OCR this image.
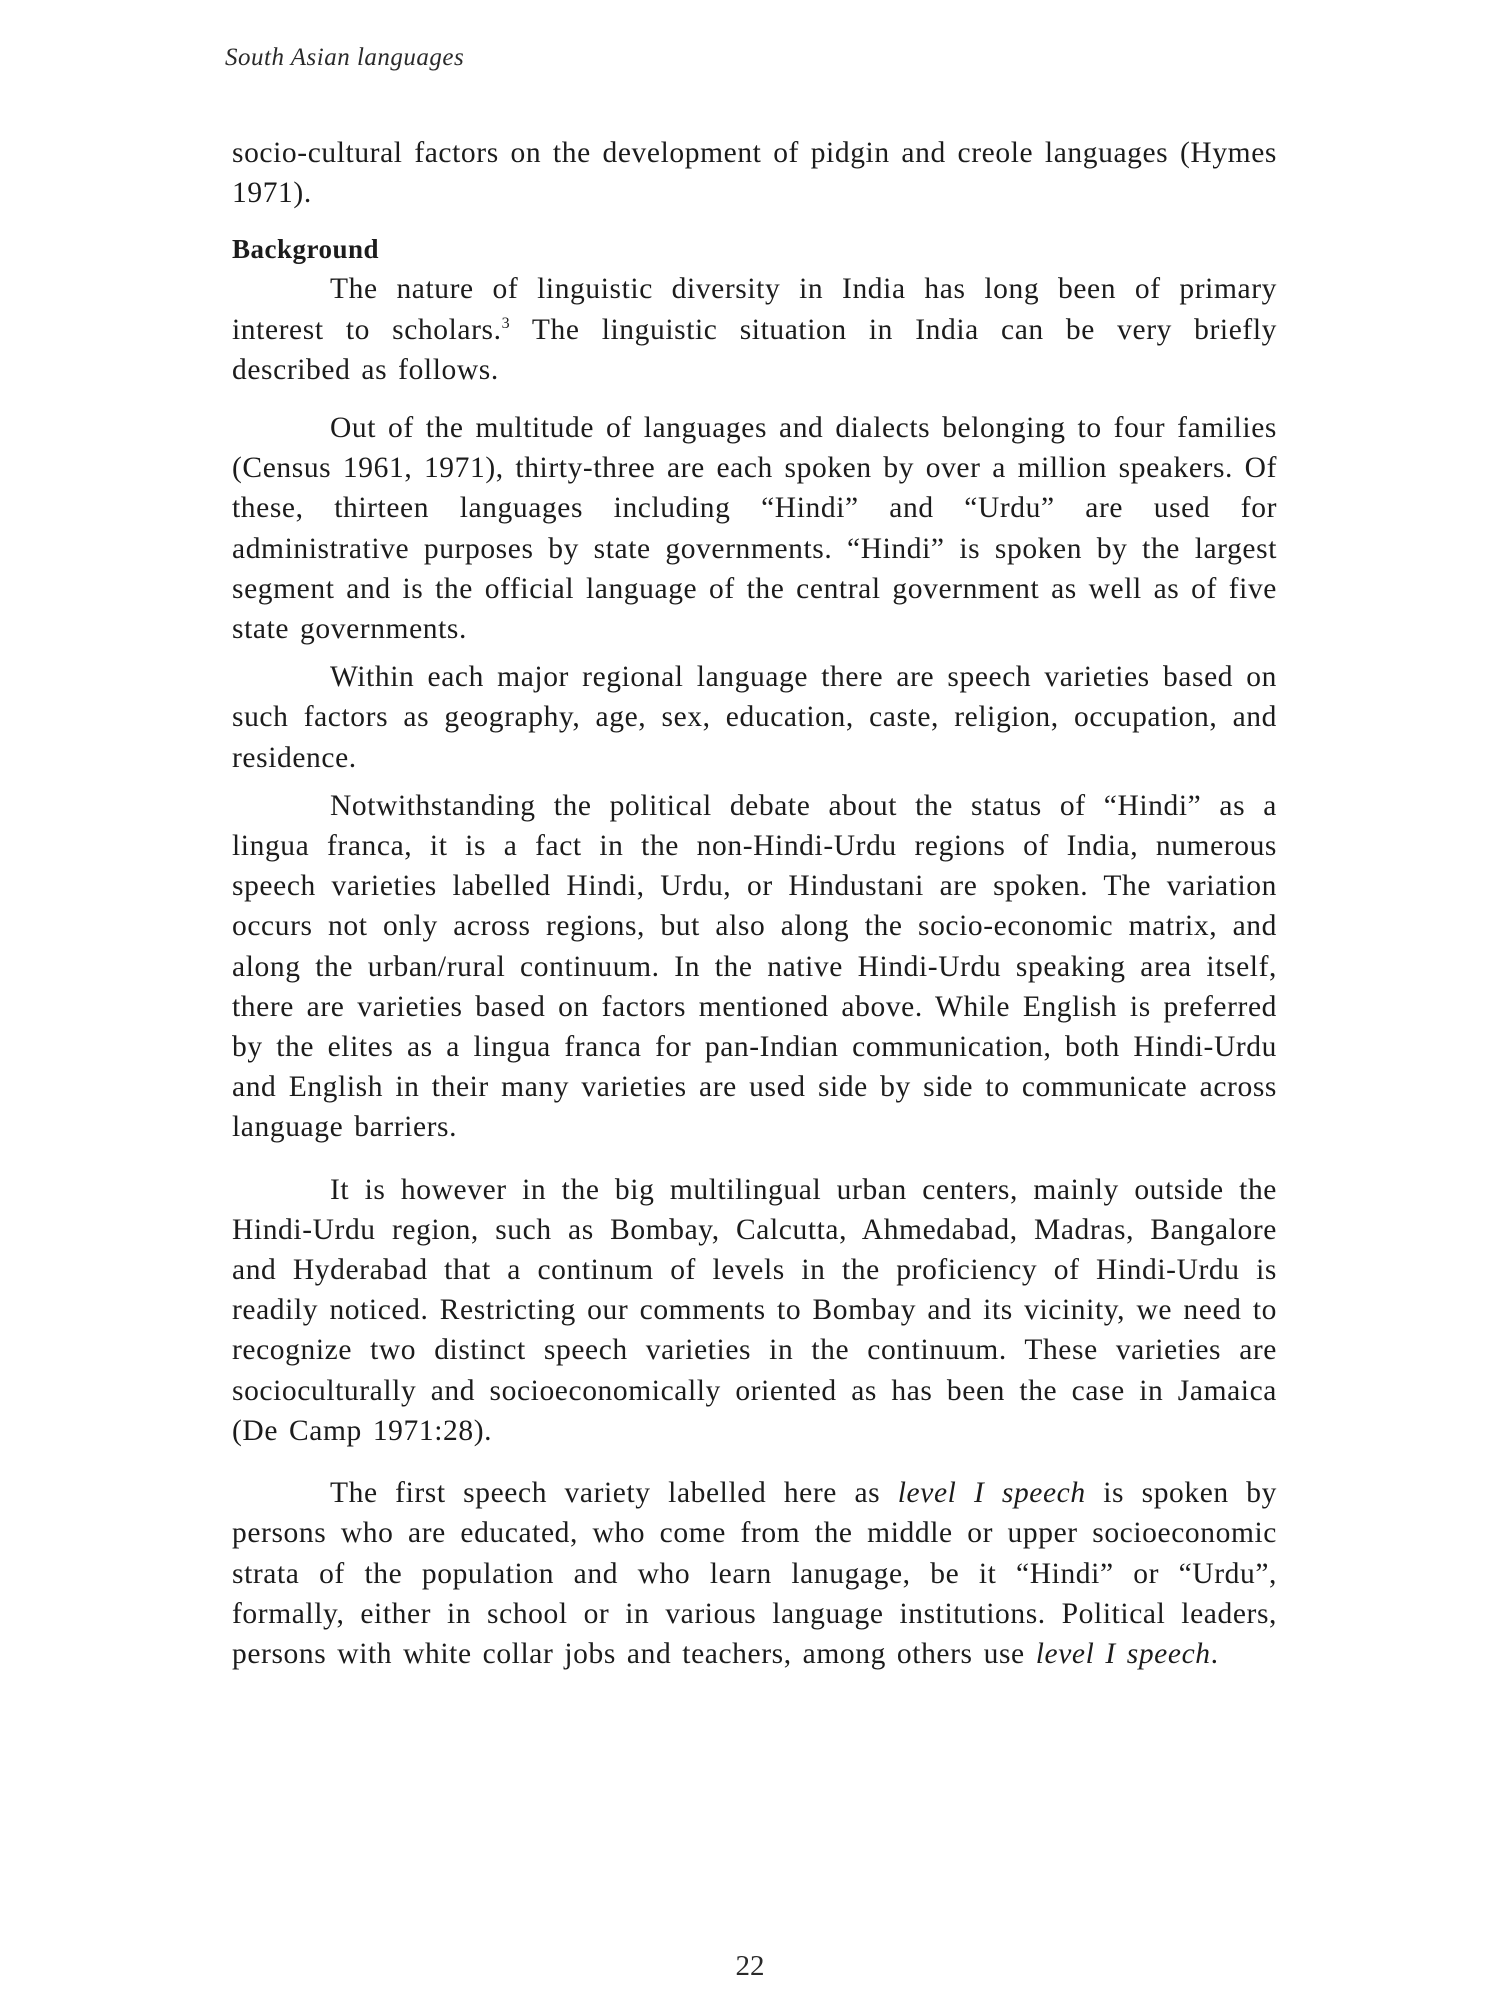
South Asian languages

socio-cultural factors on the development of pidgin and creole languages (Hymes 1971).

Background

The nature of linguistic diversity in India has long been of primary interest to scholars.$^3$ The linguistic situation in India can be very briefly described as follows.

Out of the multitude of languages and dialects belonging to four families (Census 1961, 1971), thirty-three are each spoken by over a million speakers. Of these, thirteen languages including “Hindi” and “Urdu” are used for administrative purposes by state governments. “Hindi” is spoken by the largest segment and is the official language of the central government as well as of five state governments.

Within each major regional language there are speech varieties based on such factors as geography, age, sex, education, caste, religion, occupation, and residence.

Notwithstanding the political debate about the status of “Hindi” as a lingua franca, it is a fact in the non-Hindi-Urdu regions of India, numerous speech varieties labelled Hindi, Urdu, or Hindustani are spoken. The variation occurs not only across regions, but also along the socio-economic matrix, and along the urban/rural continuum. In the native Hindi-Urdu speaking area itself, there are varieties based on factors mentioned above. While English is preferred by the elites as a lingua franca for pan-Indian communication, both Hindi-Urdu and English in their many varieties are used side by side to communicate across language barriers.

It is however in the big multilingual urban centers, mainly outside the Hindi-Urdu region, such as Bombay, Calcutta, Ahmedabad, Madras, Bangalore and Hyderabad that a continum of levels in the proficiency of Hindi-Urdu is readily noticed. Restricting our comments to Bombay and its vicinity, we need to recognize two distinct speech varieties in the continuum. These varieties are socioculturally and socioeconomically oriented as has been the case in Jamaica (De Camp 1971:28).

The first speech variety labelled here as level I speech is spoken by persons who are educated, who come from the middle or upper socioeconomic strata of the population and who learn lanugage, be it “Hindi” or “Urdu”, formally, either in school or in various language institutions. Political leaders, persons with white collar jobs and teachers, among others use level I speech.

22
